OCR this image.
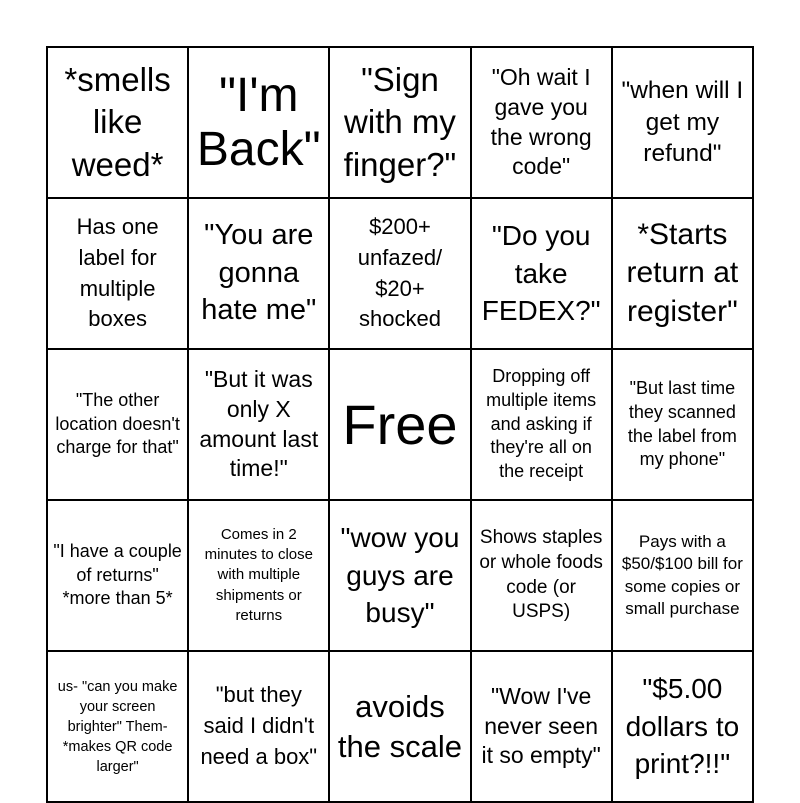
*smells like weed*	"I'm Back"	"Sign with my finger?"	"Oh wait I gave you the wrong code"	"when will I get my refund"

Has one label for multiple boxes	"You are gonna hate me"	$200+ unfazed/ $20+ shocked	"Do you take FEDEX?"	*Starts return at register"

"The other location doesn't charge for that"	"But it was only X amount last time!"	Free	Dropping off multiple items and asking if they're all on the receipt	"But last time they scanned the label from my phone"

"I have a couple of returns" *more than 5*	Comes in 2 minutes to close with multiple shipments or returns	"wow you guys are busy"	Shows staples or whole foods code (or USPS)	Pays with a $50/$100 bill for some copies or small purchase

us- "can you make your screen brighter" Them- *makes QR code larger"	"but they said I didn't need a box"	avoids the scale	"Wow I've never seen it so empty"	"$5.00 dollars to print?!!"
